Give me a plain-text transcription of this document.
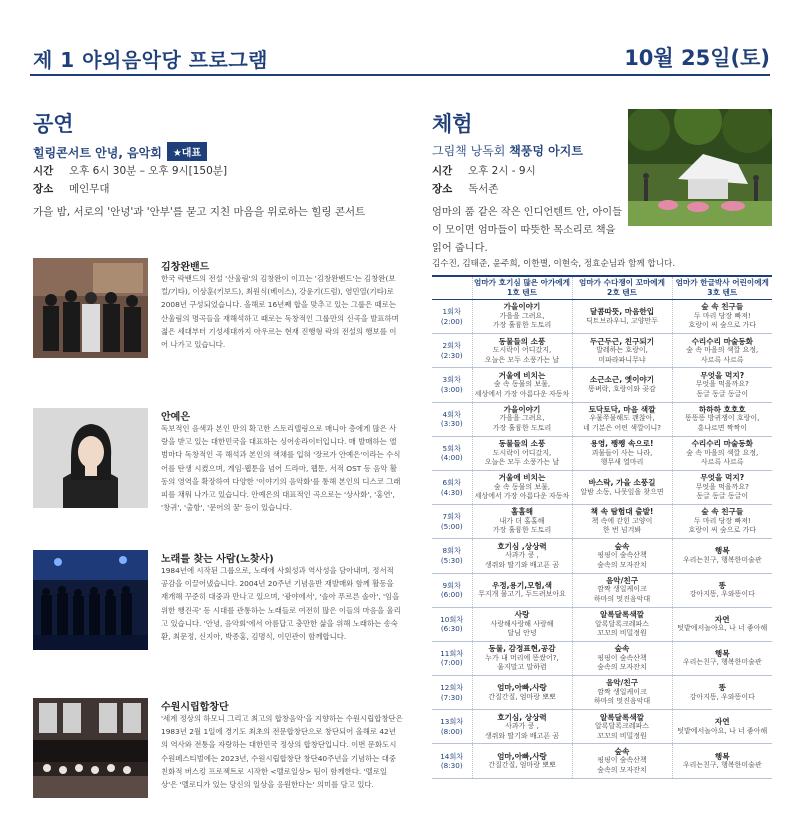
제 1 야외음악당 프로그램	10월 25일(토)
공연
힐링콘서트 안녕, 음악회 ★대표
시간 오후 6시 30분 – 오후 9시[150분]
장소 메인무대
가을 밤, 서로의 '안녕'과 '안부'를 묻고 지친 마음을 위로하는 힐링 콘서트
김창완밴드
한국 락밴드의 전설 '산울림'의 김창완이 이끄는 '김창완밴드'는 김창완(보컬/기타), 이상훈(키보드), 최원식(베이스), 강윤기(드럼), 염민열(기타)로 2008년 구성되었습니다. 올해로 16년째 합을 맞추고 있는 그룹은 때로는 산울림의 명곡들을 재해석하고 때로는 독창적인 그룹만의 신곡을 발표하며 젊은 세대부터 기성세대까지 아우르는 현재 진행형 락의 전설의 행보를 이어 나가고 있습니다.
안예은
독보적인 음색과 본인 만의 확고한 스토리텔링으로 매니아 층에게 많은 사랑을 받고 있는 대한민국을 대표하는 싱어송라이터입니다. 매 발매하는 앨범마다 독창적인 곡 해석과 본인의 색채를 입혀 '장르가 안예은'이라는 수식어를 탄생 시켰으며, 게임·웹툰을 넘어 드라마, 웹툰, 서적 OST 등 음악 활동의 영역을 확장하여 다양한 '이야기의 음악화'를 통해 본인의 디스코 그래피를 채워 나가고 있습니다. 안예은의 대표적인 곡으로는 '상사화', '홍연', '창귀', '출항', '문어의 꿈' 등이 있습니다.
노래를 찾는 사람(노찾사)
1984년에 시작된 그룹으로, 노래에 사회성과 역사성을 담아내며, 정서적 공감을 이끌어냈습니다. 2004년 20주년 기념음반 재발매와 함께 활동을 재개해 꾸준히 대중과 만나고 있으며, '광야에서', '솔아 푸르른 솔아', '임을 위한 행진곡' 등 시대를 관통하는 노래들로 여전히 많은 이들의 마음을 울리고 있습니다. '안녕, 음악회'에서 아름답고 충만한 삶을 위해 노래하는 송숙환, 최문정, 신지아, 박종홍, 김명식, 이민관이 함께합니다.
수원시립합창단
'세계 정상의 하모니 그리고 최고의 합창음악'을 지향하는 수원시립합창단은 1983년 2월 1일에 경기도 최초의 전문합창단으로 창단되어 올해로 42년의 역사와 전통을 자랑하는 대한민국 정상의 합창단입니다. 이번 문화도시 수원페스티벌에는 2023년, 수원시립합창단 창단40주년을 기념하는 대중친화적 버스킹 프로젝트로 시작한 <멜로일상> 팀이 함께한다. '멜로일상'은 '멜로디가 있는 당신의 일상을 응원한다는' 의미를 담고 있다.
체험
그림책 낭독회 책풍덩 아지트
시간 오후 2시 - 9시
장소 독서존
엄마의 품 같은 작은 인디언텐트 안, 아이들이 모이면 엄마들이 따뜻한 목소리로 책을 읽어 줍니다.
김수진, 김태준, 윤주희, 이한별, 이현숙, 정효순님과 함께 합니다.
	엄마가 호기심 많은 아가에게
1호 텐트	엄마가 수다쟁이 꼬마에게
2호 텐트	엄마가 한글박사 어린이에게
3호 텐트
1회차
(2:00)	가을이야기
가을을 그려요,
가장 훌륭한 도토리	달콤따뜻, 마음한입
딕트브라우니, 고양만두	숲 속 친구들
두 마리 당장 빠져!
호랑이 씨 숲으로 가다

2회차
(2:30)	동물들의 소풍
도시락이 어디갔지,
오늘은 모두 소풍가는 날	두근두근, 친구되기
발레하는 호랑이,
미파라파니무냐	수리수리 마술동화
숲 속 마을의 색깔 요정,
사르륵 사르륵

3회차
(3:00)	거울에 비치는
숲 속 동물의 보물,
세상에서 가장 아름다운 자동차	소근소근, 옛이야기
똥벼락, 호랑이와 곶감	무엇을 먹지?
무엇을 먹을까요?
동글 동글 동글이

4회차
(3:30)	가을이야기
가을을 그려요,
가장 훌륭한 도토리	토닥토닥, 마음 색깔
우물쭈물해도 괜찮아,
네 기분은 어떤 색깔이니?	하하하 호호호
똥똥똥 방귀쟁이 호랑이,
흥나르면 짝짝이

5회차
(4:00)	동물들의 소풍
도시락이 어디갔지,
오늘은 모두 소풍가는 날	용영, 쨍쨍 속으로!
괴물들이 사는 나라,
행무새 열마리	수리수리 마술동화
숲 속 마을의 색깔 요정,
사르륵 사르륵

6회차
(4:30)	거울에 비치는
숲 속 동물의 보물,
세상에서 가장 아름다운 자동차	바스락, 가을 소풍길
알밤 소동, 나뭇잎을 찾으면	무엇을 먹지?
무엇을 먹을까요?
동글 동글 동글이

7회차
(5:00)	홀홀해
내가 더 홀홀해
가장 훌륭한 도토리	책 속 탐험대 출발!
책 속에 갇힌 고양이
한 번 넘겨봐	숲 속 친구들
두 마리 당장 빠져!
호랑이 씨 숲으로 가다

8회차
(5:30)	호기심 ,상상력
사과가 쿵 ,
생쥐와 딸기와 배고픈 곰	숲속
핑핑이 숲속산책
숲속의 모자잔치	행복
우리는친구, 행복한미술관

9회차
(6:00)	우정,용기,모험,색
무지개 물고기, 두드려보아요	음악/친구
깜짝 생일케이크
하마의 멋진음악대	똥
강아지똥, 우와똥이다

10회차
(6:30)	사랑
사랑해사랑해 사랑해
달님 안녕	알록달록색깔
알록달록크레파스
꼬꼬의 비밀정원	자연
텃밭에서놀아요, 나 너 좋아해

11회차
(7:00)	동물, 감정표현,공감
누가 내 머리에 똥쌌어?,
울지말고 말하렴	숲속
핑핑이 숲속산책
숲속의 모자잔치	행복
우리는친구, 행복한미술관

12회차
(7:30)	엄마,아빠,사랑
간질간질, 엄마랑 뽀뽀	음악/친구
깜짝 생일케이크
하마의 멋진음악대	똥
강아지똥, 우와똥이다

13회차
(8:00)	호기심, 상상력
사과가 쿵 ,
생쥐와 딸기와 배고픈 곰	알록달록색깔
알록달록크레파스
꼬꼬의 비밀정원	자연
텃밭에서놀아요, 나 너 좋아해

14회차
(8:30)	엄마,아빠,사랑
간질간질, 엄마랑 뽀뽀	숲속
핑핑이 숲속산책
숲속의 모자잔치	행복
우리는친구, 행복한미술관
